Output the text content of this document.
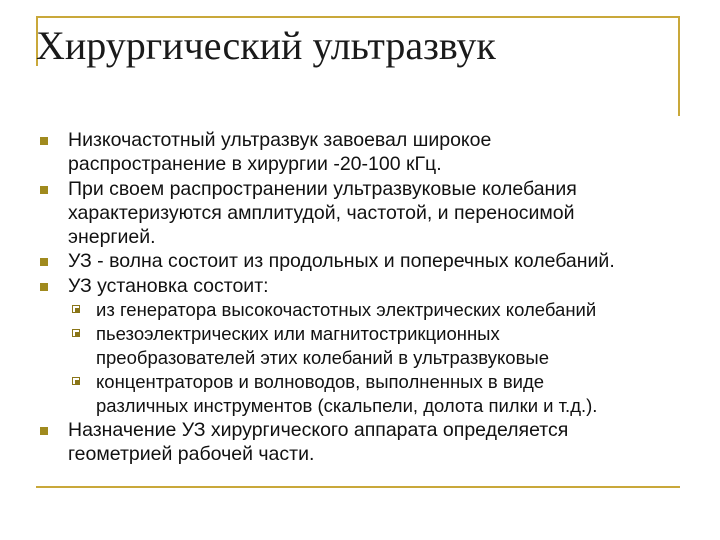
Хирургический ультразвук
Низкочастотный ультразвук завоевал широкое
распространение в хирургии -20-100 кГц.
При своем распространении ультразвуковые колебания
характеризуются амплитудой, частотой, и переносимой
энергией.
УЗ - волна состоит из продольных и поперечных колебаний.
УЗ установка состоит:
из генератора высокочастотных электрических колебаний
пьезоэлектрических или магнитострикционных
преобразователей этих колебаний в ультразвуковые
концентраторов и волноводов, выполненных в виде
различных инструментов (скальпели, долота пилки и т.д.).
Назначение УЗ хирургического аппарата определяется
геометрией рабочей части.
